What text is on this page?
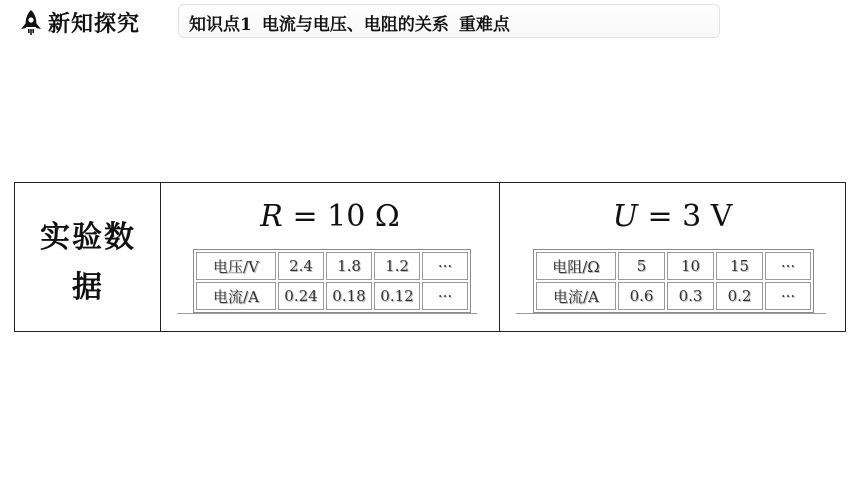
新知探究	知识点1 电流与电压、电阻的关系 重难点
实验数
据
R = 10 Ω
电压/V	2.4	1.8	1.2	···
电流/A	0.24	0.18	0.12	···
U = 3 V
电阻/Ω	5	10	15	···
电流/A	0.6	0.3	0.2	···
